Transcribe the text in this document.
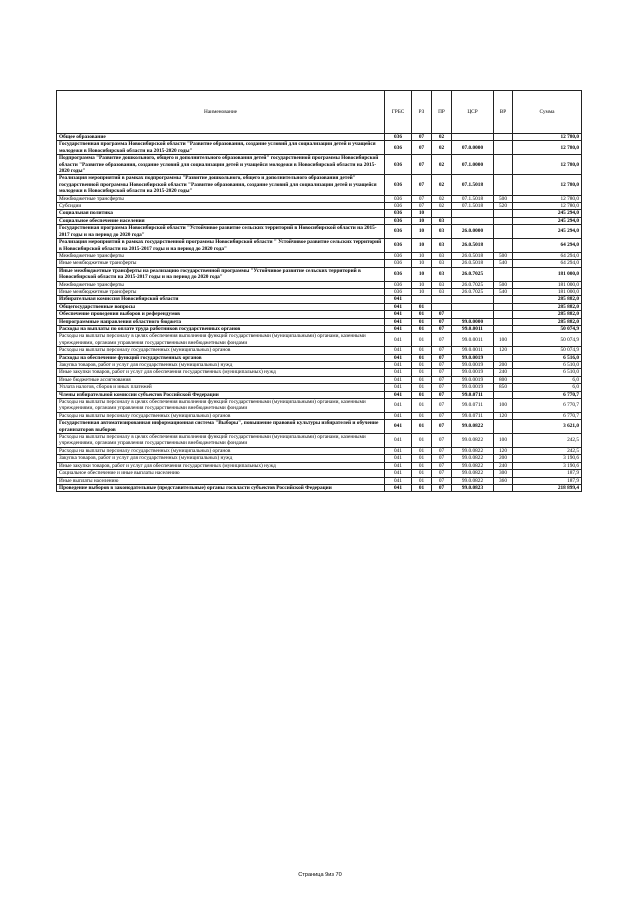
Наименование	ГРБС	РЗ	ПР	ЦСР	ВР	Сумма
Общее образование	036	07	02			12 780,0
Государственная программа Новосибирской области "Развитие образования, создание условий для социализации детей и учащейся молодежи в Новосибирской области на 2015-2020 годы"	036	07	02	07.0.0000		12 780,0
Подпрограмма "Развитие дошкольного, общего и дополнительного образования детей" государственной программы Новосибирской области "Развитие образования, создание условий для социализации детей и учащейся молодежи в Новосибирской области на 2015-2020 годы"	036	07	02	07.1.0000		12 780,0
Реализация мероприятий в рамках подпрограммы "Развитие дошкольного, общего и дополнительного образования детей" государственной программы Новосибирской области "Развитие образования, создание условий для социализации детей и учащейся молодежи в Новосибирской области на 2015-2020 годы"	036	07	02	07.1.5018		12 780,0
Межбюджетные трансферты	036	07	02	07.1.5018	500	12 780,0
Субсидии	036	07	02	07.1.5018	520	12 780,0
Социальная политика	036	10				245 294,0
Социальное обеспечение населения	036	10	03			245 294,0
Государственная программа Новосибирской области "Устойчивое развитие сельских территорий в Новосибирской области на 2015-2017 годы и на период до 2020 года"	036	10	03	26.0.0000		245 294,0
Реализация мероприятий в рамках государственной программы Новосибирской области " Устойчивое развитие сельских территорий в Новосибирской области на 2015-2017 годы и на период до 2020 года"	036	10	03	26.0.5018		64 294,0
Межбюджетные трансферты	036	10	03	26.0.5018	500	64 294,0
Иные межбюджетные трансферты	036	10	03	26.0.5018	540	64 294,0
Иные межбюджетные трансферты на реализацию государственной программы "Устойчивое развитие сельских территорий в Новосибирской области на 2015-2017 годы и на период до 2020 года"	036	10	03	26.0.7025		181 000,0
Межбюджетные трансферты	036	10	03	26.0.7025	500	181 000,0
Иные межбюджетные трансферты	036	10	03	26.0.7025	540	181 000,0
Избирательная комиссия Новосибирской области	041					285 882,0
Общегосударственные вопросы	041	01				285 882,0
Обеспечение проведения выборов и референдумов	041	01	07			285 882,0
Непрограммные направления областного бюджета	041	01	07	99.0.0000		285 882,0
Расходы на выплаты по оплате труда работников государственных органов	041	01	07	99.0.0011		50 074,9
Расходы на выплаты персоналу в целях обеспечения выполнения функций государственными (муниципальными) органами, казенными учреждениями, органами управления государственными внебюджетными фондами	041	01	07	99.0.0011	100	50 074,9
Расходы на выплаты персоналу государственных (муниципальных) органов	041	01	07	99.0.0011	120	50 074,9
Расходы на обеспечение функций государственных органов	041	01	07	99.0.0019		6 516,0
Закупка товаров, работ и услуг для государственных (муниципальных) нужд	041	01	07	99.0.0019	200	6 510,0
Иные закупки товаров, работ и услуг для обеспечения государственных (муниципальных) нужд	041	01	07	99.0.0019	240	6 510,0
Иные бюджетные ассигнования	041	01	07	99.0.0019	800	6,0
Уплата налогов, сборов и иных платежей	041	01	07	99.0.0019	850	6,0
Члены избирательной комиссии субъектов Российской Федерации	041	01	07	99.0.0711		6 770,7
Расходы на выплаты персоналу в целях обеспечения выполнения функций государственными (муниципальными) органами, казенными учреждениями, органами управления государственными внебюджетными фондами	041	01	07	99.0.0711	100	6 770,7
Расходы на выплаты персоналу государственных (муниципальных) органов	041	01	07	99.0.0711	120	6 770,7
Государственная автоматизированная информационная система "Выборы", повышение правовой культуры избирателей и обучение организаторов выборов	041	01	07	99.0.0822		3 621,0
Расходы на выплаты персоналу в целях обеспечения выполнения функций государственными (муниципальными) органами, казенными учреждениями, органами управления государственными внебюджетными фондами	041	01	07	99.0.0822	100	242,5
Расходы на выплаты персоналу государственных (муниципальных) органов	041	01	07	99.0.0822	120	242,5
Закупка товаров, работ и услуг для государственных (муниципальных) нужд	041	01	07	99.0.0822	200	3 190,6
Иные закупки товаров, работ и услуг для обеспечения государственных (муниципальных) нужд	041	01	07	99.0.0822	240	3 190,6
Социальное обеспечение и иные выплаты населению	041	01	07	99.0.0822	300	187,9
Иные выплаты населению	041	01	07	99.0.0822	360	187,9
Проведение выборов в законодательные (представительные) органы госвласти субъектов Российской Федерации	041	01	07	99.0.0823		218 899,4
Страница 9из 70
